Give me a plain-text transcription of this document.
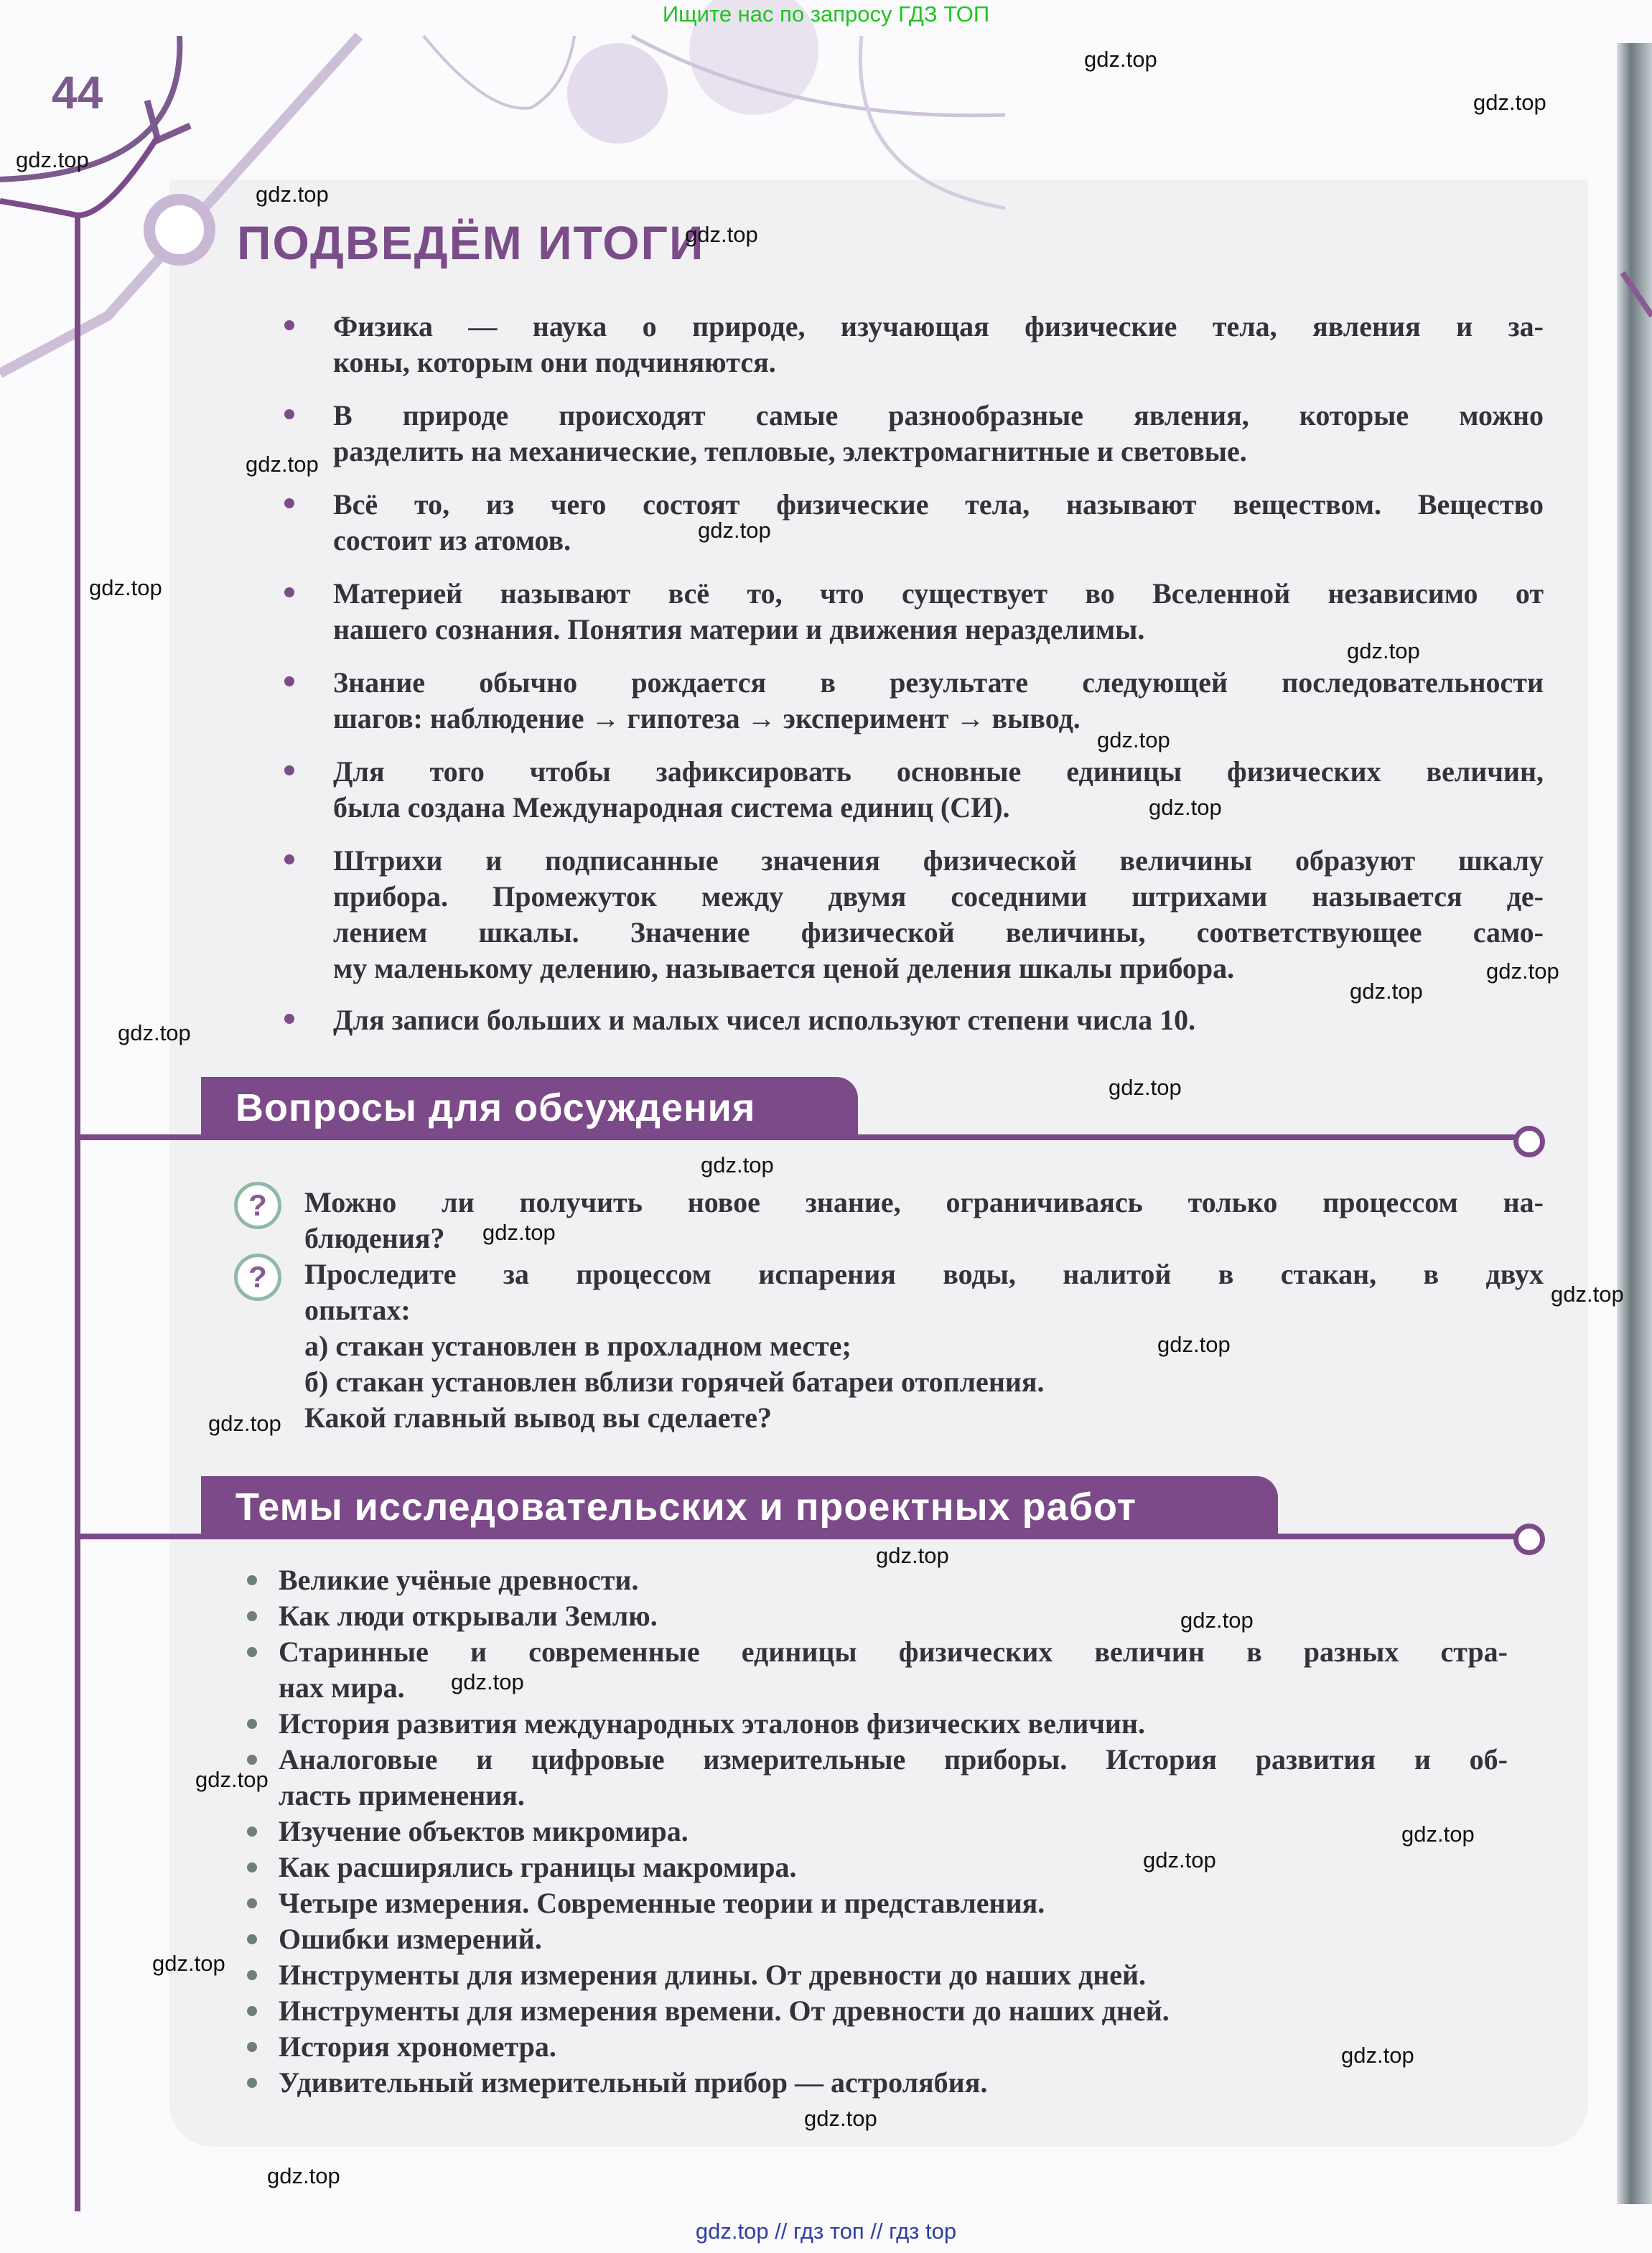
Ищите нас по запросу ГДЗ ТОП
44
ПОДВЕДЁМ ИТОГИ
Физика — наука о природе, изучающая физические тела, явления и за-
коны, которым они подчиняются.
В природе происходят самые разнообразные явления, которые можно
разделить на механические, тепловые, электромагнитные и световые.
Всё то, из чего состоят физические тела, называют веществом. Вещество
состоит из атомов.
Материей называют всё то, что существует во Вселенной независимо от
нашего сознания. Понятия материи и движения неразделимы.
Знание обычно рождается в результате следующей последовательности
шагов: наблюдение → гипотеза → эксперимент → вывод.
Для того чтобы зафиксировать основные единицы физических величин,
была создана Международная система единиц (СИ).
Штрихи и подписанные значения физической величины образуют шкалу
прибора. Промежуток между двумя соседними штрихами называется де-
лением шкалы. Значение физической величины, соответствующее само-
му маленькому делению, называется ценой деления шкалы прибора.
Для записи больших и малых чисел используют степени числа 10.
Вопросы для обсуждения
?	Можно ли получить новое знание, ограничиваясь только процессом на-
блюдения?
?	Проследите за процессом испарения воды, налитой в стакан, в двух
опытах:
а) стакан установлен в прохладном месте;
б) стакан установлен вблизи горячей батареи отопления.
Какой главный вывод вы сделаете?
Темы исследовательских и проектных работ
Великие учёные древности.
Как люди открывали Землю.
Старинные и современные единицы физических величин в разных стра-
нах мира.
История развития международных эталонов физических величин.
Аналоговые и цифровые измерительные приборы. История развития и об-
ласть применения.
Изучение объектов микромира.
Как расширялись границы макромира.
Четыре измерения. Современные теории и представления.
Ошибки измерений.
Инструменты для измерения длины. От древности до наших дней.
Инструменты для измерения времени. От древности до наших дней.
История хронометра.
Удивительный измерительный прибор — астролябия.
gdz.top // гдз топ // гдз top
gdz.top
gdz.top
gdz.top
gdz.top
gdz.top
gdz.top
gdz.top
gdz.top
gdz.top
gdz.top
gdz.top
gdz.top
gdz.top
gdz.top
gdz.top
gdz.top
gdz.top
gdz.top
gdz.top
gdz.top
gdz.top
gdz.top
gdz.top
gdz.top
gdz.top
gdz.top
gdz.top
gdz.top
gdz.top
gdz.top
